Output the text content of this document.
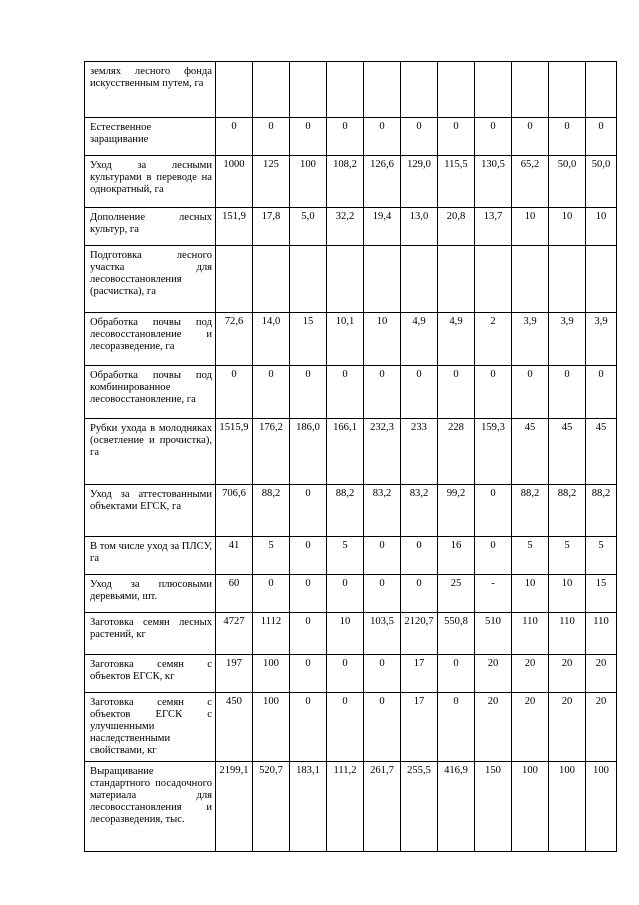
землях лесного фонда искусственным путем, га											
Естественное заращивание	0	0	0	0	0	0	0	0	0	0	0
Уход за лесными культурами в переводе на однократный, га	1000	125	100	108,2	126,6	129,0	115,5	130,5	65,2	50,0	50,0
Дополнение лесных культур, га	151,9	17,8	5,0	32,2	19,4	13,0	20,8	13,7	10	10	10
Подготовка лесного участка для лесовосстановления (расчистка), га											
Обработка почвы под лесовосстановление и лесоразведение, га	72,6	14,0	15	10,1	10	4,9	4,9	2	3,9	3,9	3,9
Обработка почвы под комбинированное лесовосстановление, га	0	0	0	0	0	0	0	0	0	0	0
Рубки ухода в молодняках (осветление и прочистка), га	1515,9	176,2	186,0	166,1	232,3	233	228	159,3	45	45	45
Уход за аттестованными объектами ЕГСК, га	706,6	88,2	0	88,2	83,2	83,2	99,2	0	88,2	88,2	88,2
В том числе уход за ПЛСУ, га	41	5	0	5	0	0	16	0	5	5	5
Уход за плюсовыми деревьями, шт.	60	0	0	0	0	0	25	-	10	10	15
Заготовка семян лесных растений, кг	4727	1112	0	10	103,5	2120,7	550,8	510	110	110	110
Заготовка семян с объектов ЕГСК, кг	197	100	0	0	0	17	0	20	20	20	20
Заготовка семян с объектов ЕГСК с улучшенными наследственными свойствами, кг	450	100	0	0	0	17	0	20	20	20	20
Выращивание стандартного посадочного материала для лесовосстановления и лесоразведения, тыс.	2199,1	520,7	183,1	111,2	261,7	255,5	416,9	150	100	100	100
